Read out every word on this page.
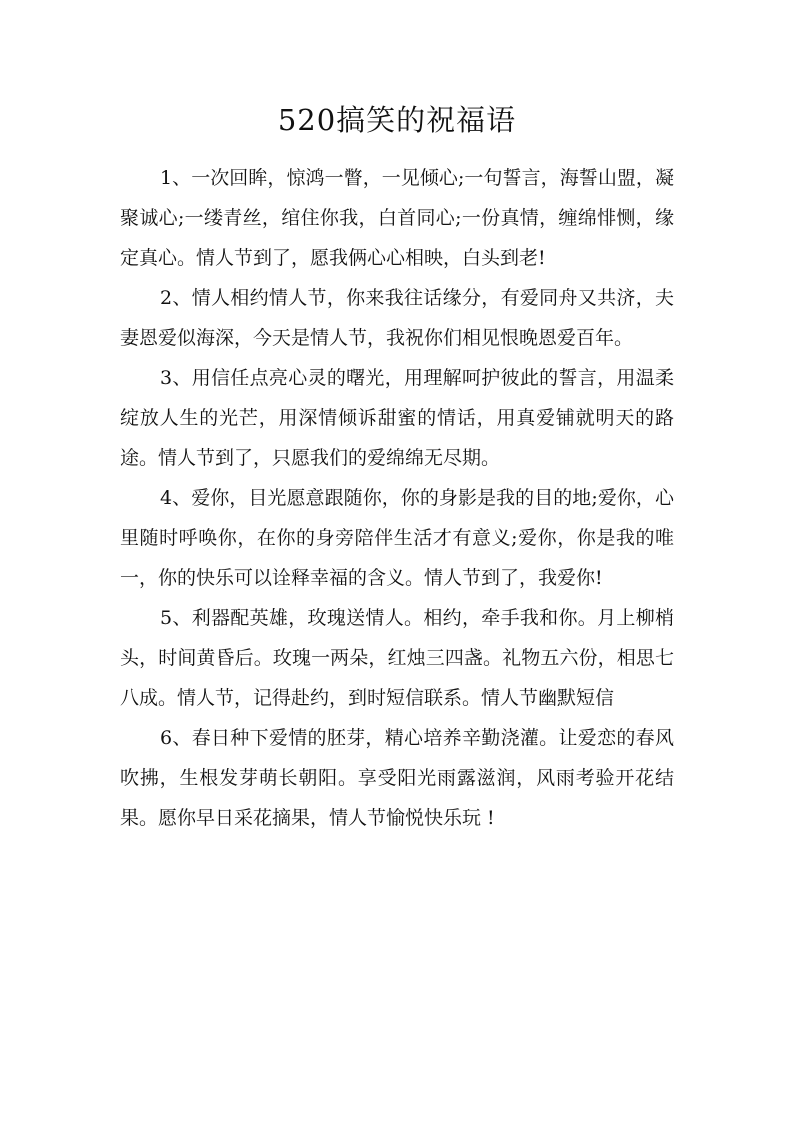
520搞笑的祝福语

1、一次回眸，惊鸿一瞥，一见倾心;一句誓言，海誓山盟，凝聚诚心;一缕青丝，绾住你我，白首同心;一份真情，缠绵悱恻，缘定真心。情人节到了，愿我俩心心相映，白头到老!

2、情人相约情人节，你来我往话缘分，有爱同舟又共济，夫妻恩爱似海深，今天是情人节，我祝你们相见恨晚恩爱百年。

3、用信任点亮心灵的曙光，用理解呵护彼此的誓言，用温柔绽放人生的光芒，用深情倾诉甜蜜的情话，用真爱铺就明天的路途。情人节到了，只愿我们的爱绵绵无尽期。

4、爱你，目光愿意跟随你，你的身影是我的目的地;爱你，心里随时呼唤你，在你的身旁陪伴生活才有意义;爱你，你是我的唯一，你的快乐可以诠释幸福的含义。情人节到了，我爱你!

5、利器配英雄，玫瑰送情人。相约，牵手我和你。月上柳梢头，时间黄昏后。玫瑰一两朵，红烛三四盏。礼物五六份，相思七八成。情人节，记得赴约，到时短信联系。情人节幽默短信

6、春日种下爱情的胚芽，精心培养辛勤浇灌。让爱恋的春风吹拂，生根发芽萌长朝阳。享受阳光雨露滋润，风雨考验开花结果。愿你早日采花摘果，情人节愉悦快乐玩 !
